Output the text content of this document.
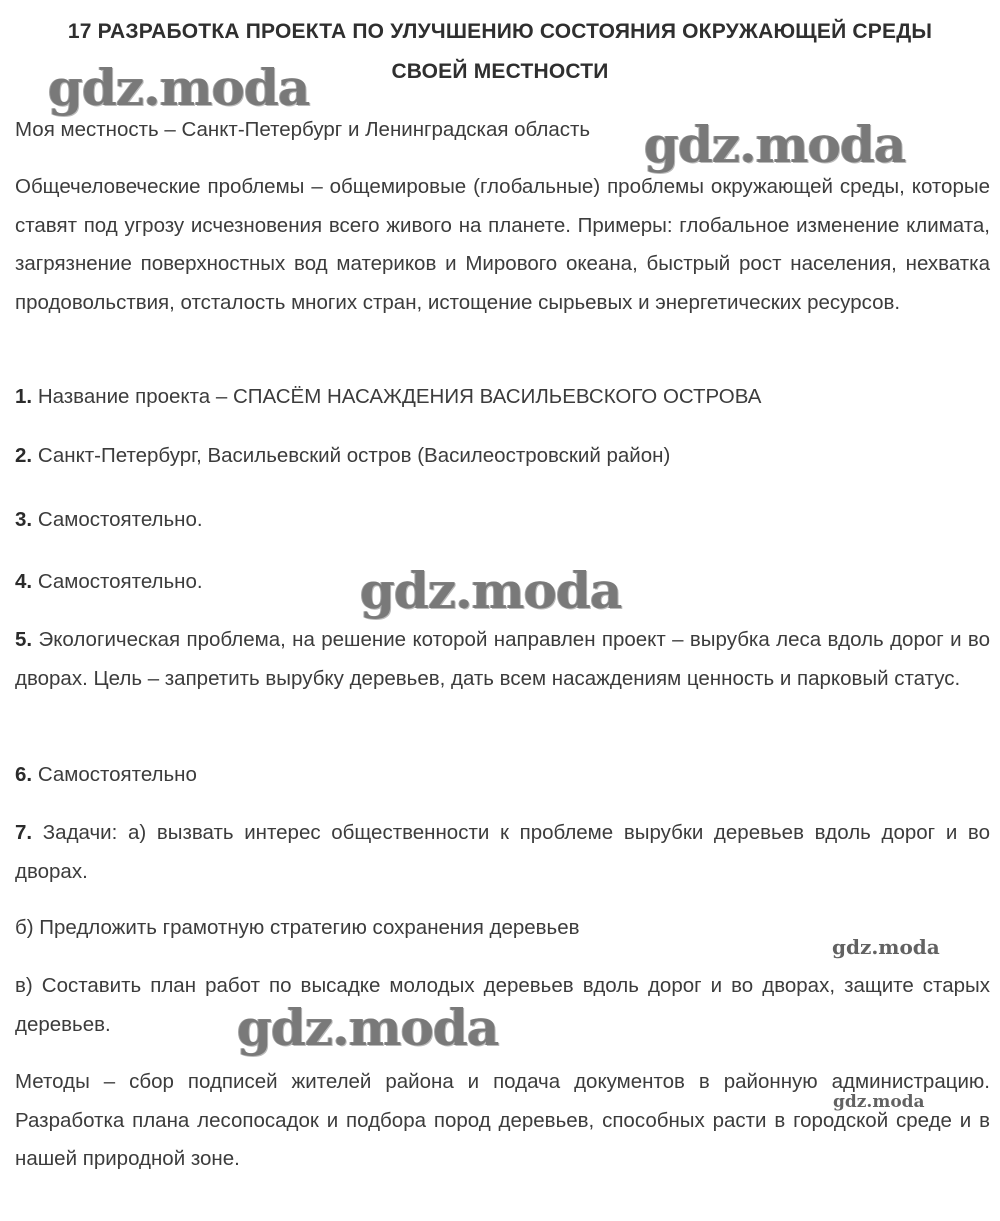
17 РАЗРАБОТКА ПРОЕКТА ПО УЛУЧШЕНИЮ СОСТОЯНИЯ ОКРУЖАЮЩЕЙ СРЕДЫ
СВОЕЙ МЕСТНОСТИ
Моя местность – Санкт-Петербург и Ленинградская область
Общечеловеческие проблемы – общемировые (глобальные) проблемы окружающей среды, которые ставят под угрозу исчезновения всего живого на планете. Примеры: глобальное изменение климата, загрязнение поверхностных вод материков и Мирового океана, быстрый рост населения, нехватка продовольствия, отсталость многих стран, истощение сырьевых и энергетических ресурсов.
1. Название проекта – СПАСЁМ НАСАЖДЕНИЯ ВАСИЛЬЕВСКОГО ОСТРОВА
2. Санкт-Петербург, Васильевский остров (Василеостровский район)
3. Самостоятельно.
4. Самостоятельно.
5. Экологическая проблема, на решение которой направлен проект – вырубка леса вдоль дорог и во дворах. Цель – запретить вырубку деревьев, дать всем насаждениям ценность и парковый статус.
6. Самостоятельно
7. Задачи: а) вызвать интерес общественности к проблеме вырубки деревьев вдоль дорог и во дворах.
б) Предложить грамотную стратегию сохранения деревьев
в) Составить план работ по высадке молодых деревьев вдоль дорог и во дворах, защите старых деревьев.
Методы – сбор подписей жителей района и подача документов в районную администрацию. Разработка плана лесопосадок и подбора пород деревьев, способных расти в городской среде и в нашей природной зоне.
gdz.moda
gdz.moda
gdz.moda
gdz.moda
gdz.moda
gdz.moda
